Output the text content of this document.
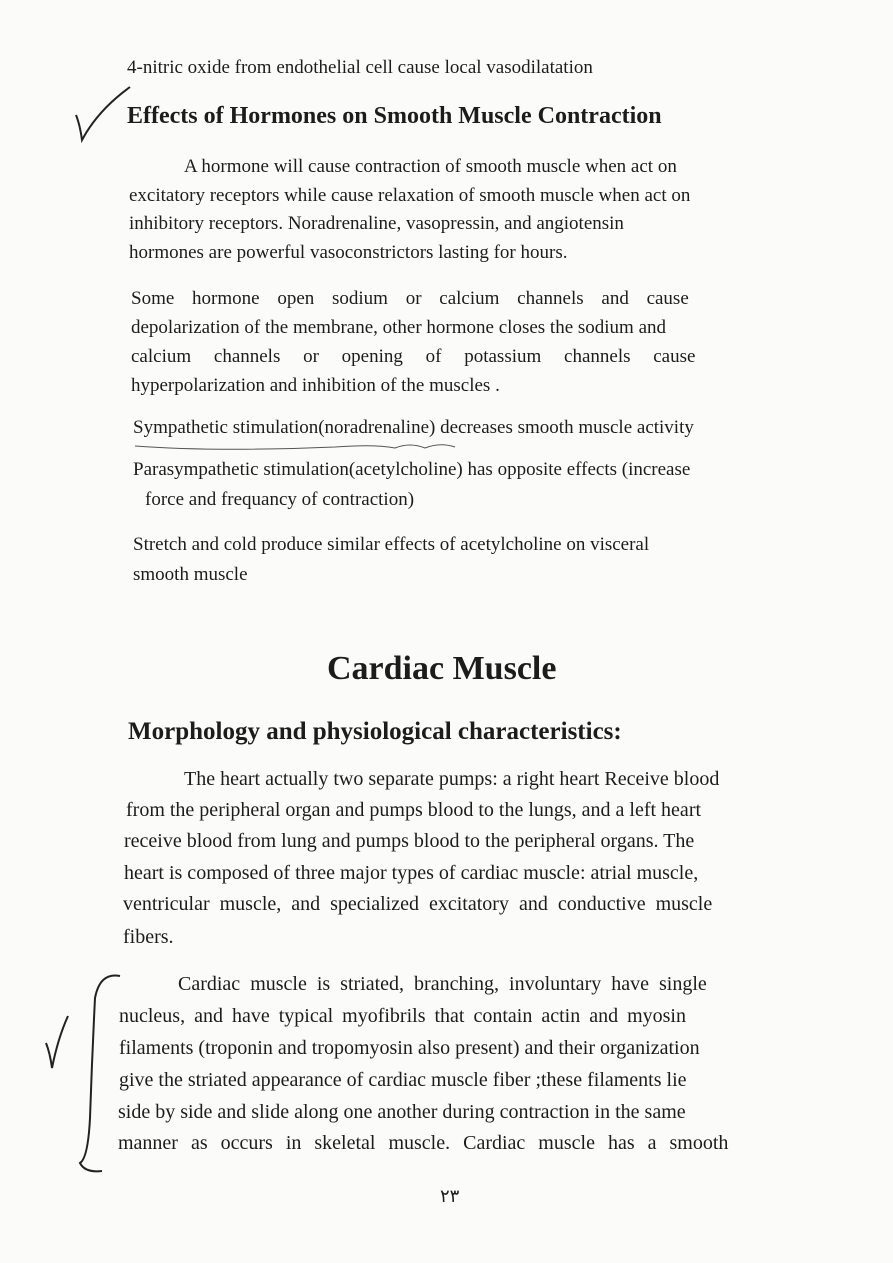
4-nitric oxide from endothelial cell cause local vasodilatation
Effects of Hormones on Smooth Muscle Contraction
A hormone will cause contraction of smooth muscle when act on
excitatory receptors while cause relaxation of smooth muscle when act on
inhibitory receptors. Noradrenaline, vasopressin, and angiotensin
hormones are powerful vasoconstrictors lasting for hours.
Some hormone open sodium or calcium channels and cause
depolarization of the membrane, other hormone closes the sodium and
calcium channels or opening of potassium channels cause
hyperpolarization and inhibition of the muscles .
Sympathetic stimulation(noradrenaline) decreases smooth muscle activity
Parasympathetic stimulation(acetylcholine) has opposite effects (increase
force and frequancy of contraction)
Stretch and cold produce similar effects of acetylcholine on visceral
smooth muscle
Cardiac Muscle
Morphology and physiological characteristics:
The heart actually two separate pumps: a right heart Receive blood
from the peripheral organ and pumps blood to the lungs, and a left heart
receive blood from lung and pumps blood to the peripheral organs. The
heart is composed of three major types of cardiac muscle: atrial muscle,
ventricular muscle, and specialized excitatory and conductive muscle
fibers.
Cardiac muscle is striated, branching, involuntary have single
nucleus, and have typical myofibrils that contain actin and myosin
filaments (troponin and tropomyosin also present) and their organization
give the striated appearance of cardiac muscle fiber ;these filaments lie
side by side and slide along one another during contraction in the same
manner as occurs in skeletal muscle. Cardiac muscle has a smooth
٢٣
